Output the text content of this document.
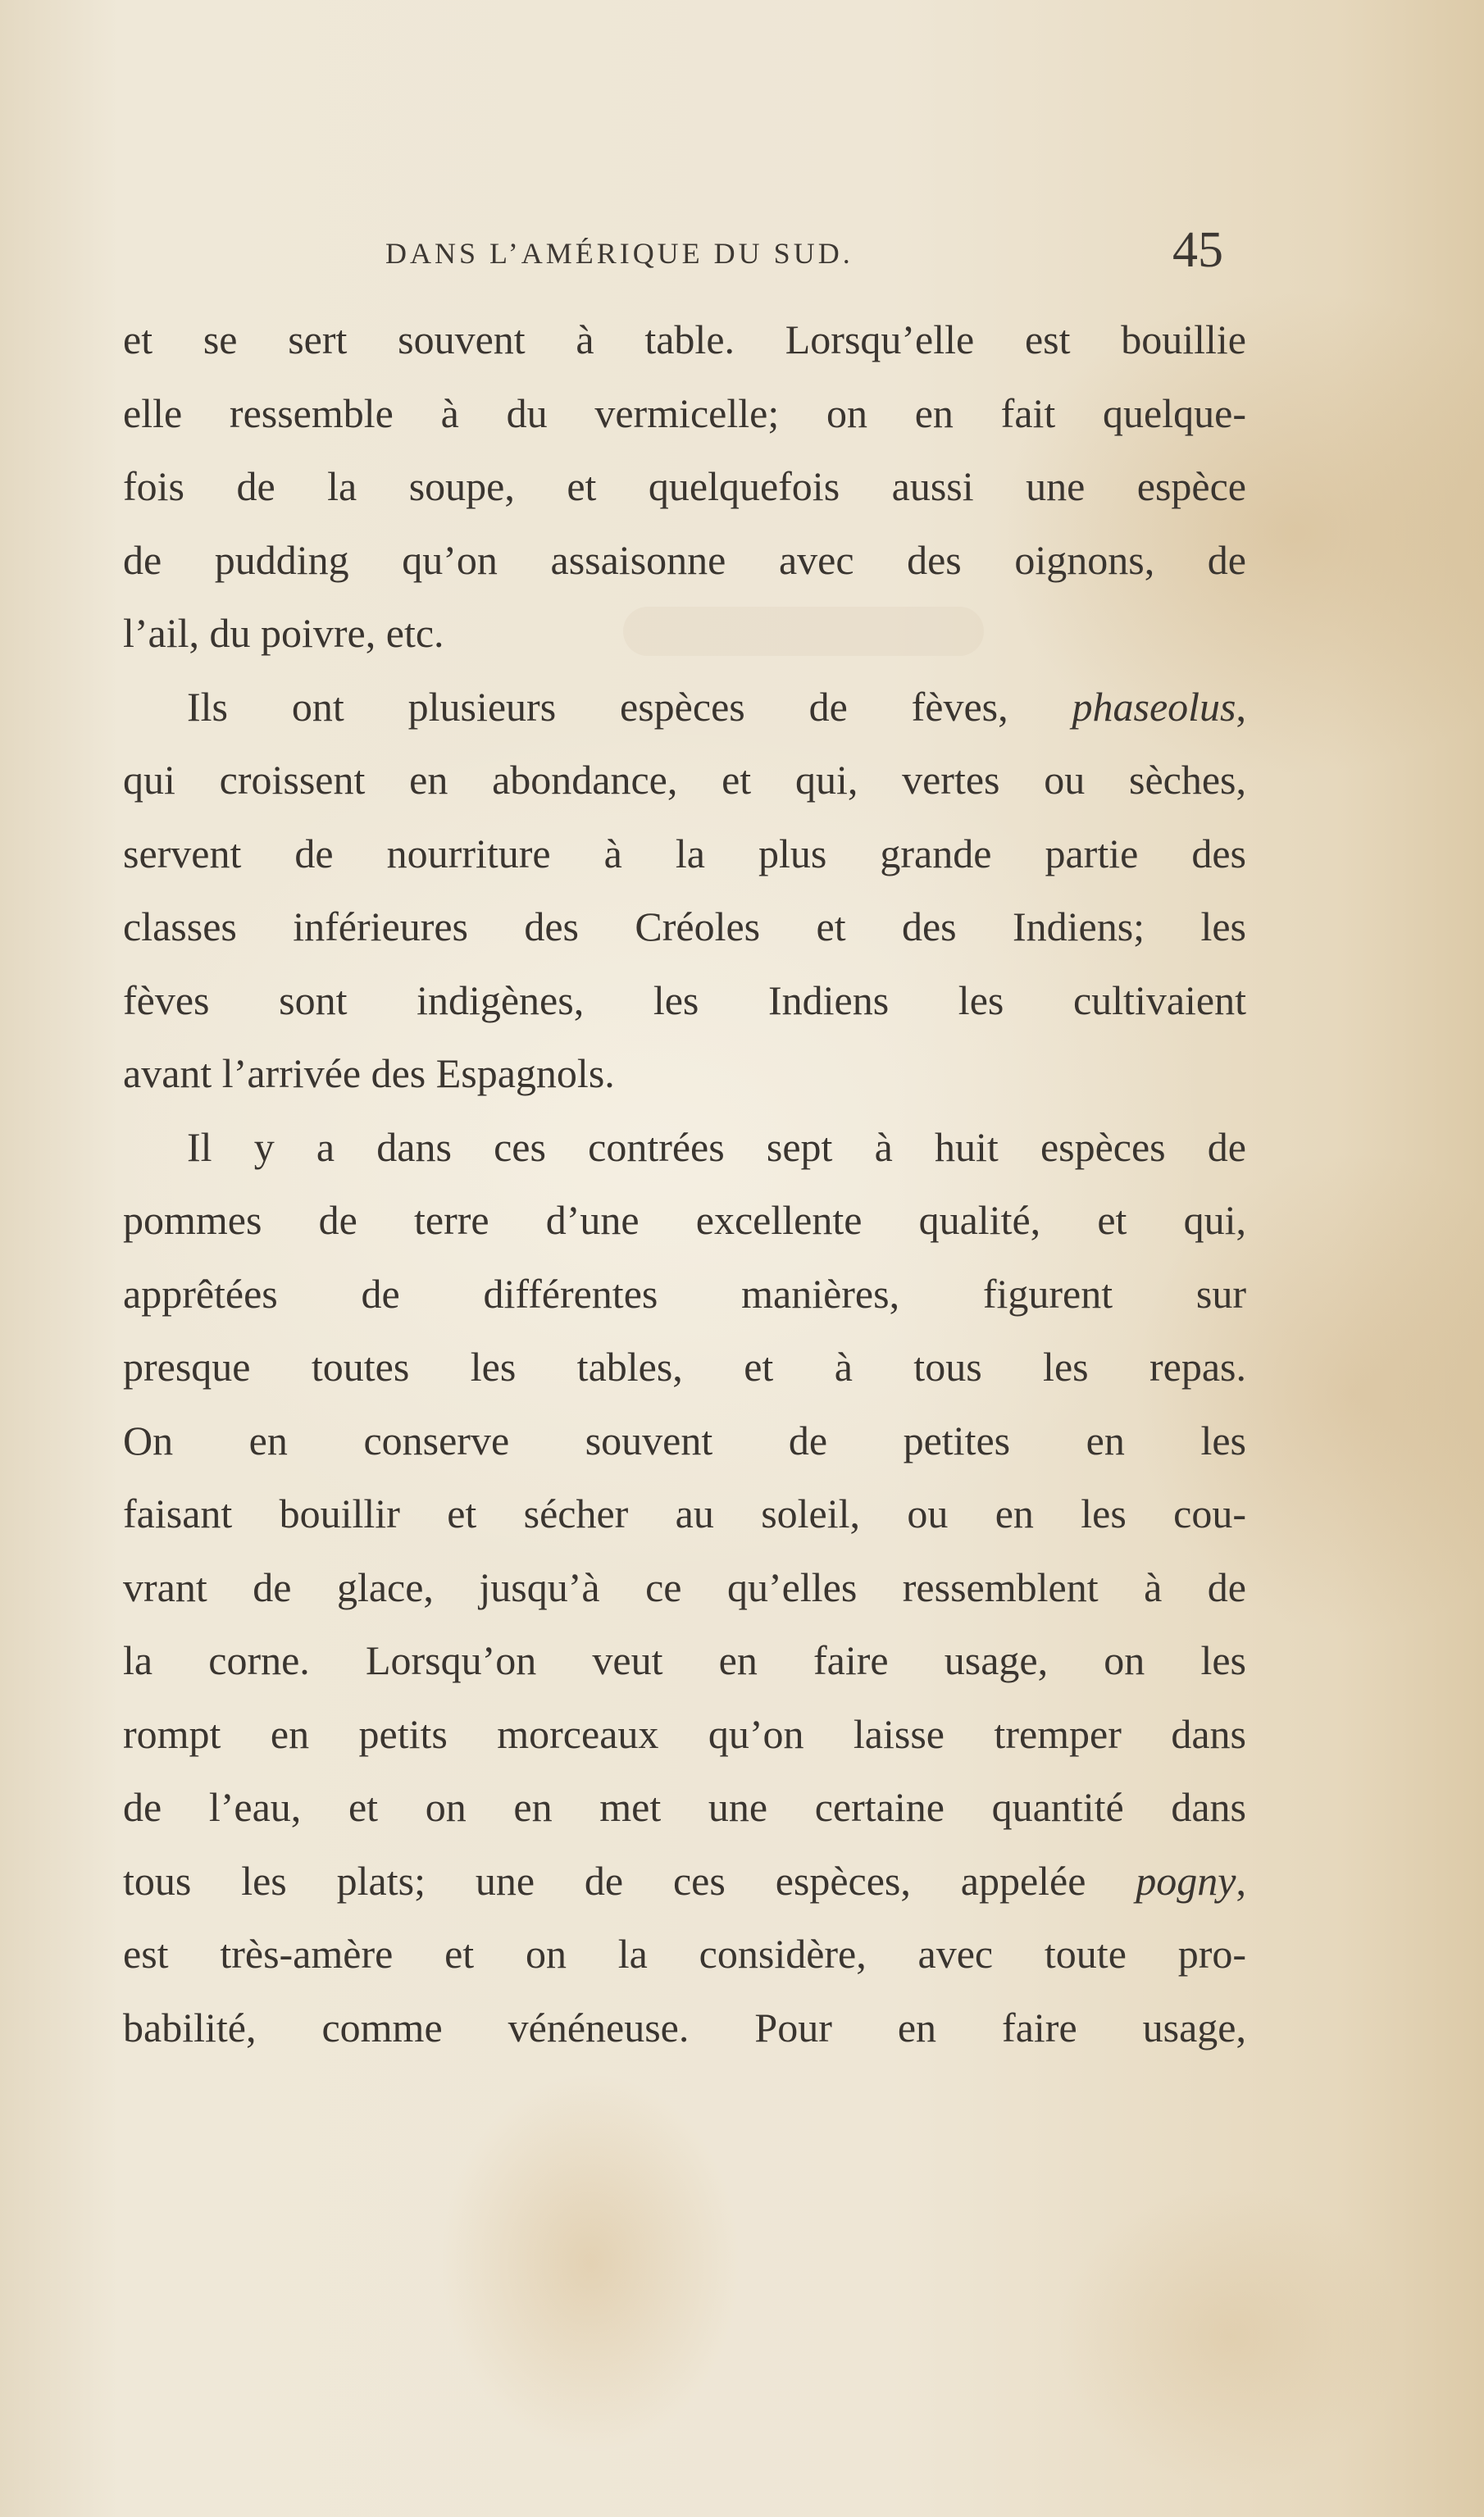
DANS L’AMÉRIQUE DU SUD.	45
et se sert souvent à table. Lorsqu’elle est bouillie
elle ressemble à du vermicelle; on en fait quelque-
fois de la soupe, et quelquefois aussi une espèce
de pudding qu’on assaisonne avec des oignons, de
l’ail, du poivre, etc.
Ils ont plusieurs espèces de fèves, phaseolus,
qui croissent en abondance, et qui, vertes ou sèches,
servent de nourriture à la plus grande partie des
classes inférieures des Créoles et des Indiens; les
fèves sont indigènes, les Indiens les cultivaient
avant l’arrivée des Espagnols.
Il y a dans ces contrées sept à huit espèces de
pommes de terre d’une excellente qualité, et qui,
apprêtées de différentes manières, figurent sur
presque toutes les tables, et à tous les repas.
On en conserve souvent de petites en les
faisant bouillir et sécher au soleil, ou en les cou-
vrant de glace, jusqu’à ce qu’elles ressemblent à de
la corne. Lorsqu’on veut en faire usage, on les
rompt en petits morceaux qu’on laisse tremper dans
de l’eau, et on en met une certaine quantité dans
tous les plats; une de ces espèces, appelée pogny,
est très-amère et on la considère, avec toute pro-
babilité, comme vénéneuse. Pour en faire usage,
